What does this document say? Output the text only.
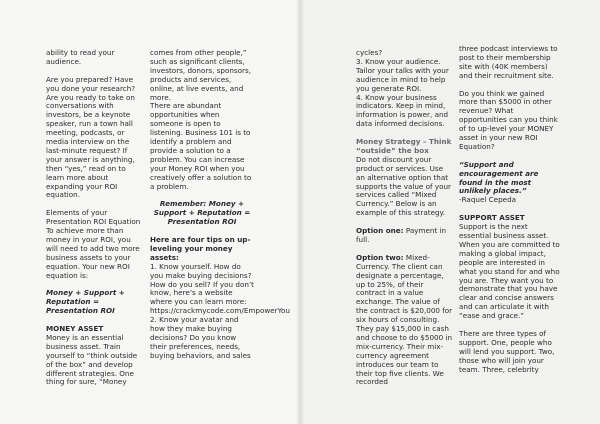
ability to read your audience.

Are you prepared? Have you done your research? Are you ready to take on conversations with investors, be a keynote speaker, run a town hall meeting, podcasts, or media interview on the last-minute request? If your answer is anything, then “yes,” read on to learn more about expanding your ROI equation.

Elements of your Presentation ROI Equation To achieve more than money in your ROI, you will need to add two more business assets to your equation. Your new ROI equation is:

Money + Support + Reputation = Presentation ROI

MONEY ASSET

Money is an essential business asset. Train yourself to “think outside of the box” and develop different strategies. One thing for sure, “Money

comes from other people,” such as significant clients, investors, donors, sponsors, products and services, online, at live events, and more.

There are abundant opportunities when someone is open to listening. Business 101 is to identify a problem and provide a solution to a problem. You can increase your Money ROI when you creatively offer a solution to a problem.

Remember: Money + Support + Reputation = Presentation ROI

Here are four tips on up-leveling your money assets:

1. Know yourself. How do you make buying decisions? How do you sell? If you don’t know, here’s a website where you can learn more: https://crackmycode.com/EmpowerYou

2. Know your avatar and how they make buying decisions? Do you know their preferences, needs, buying behaviors, and sales

cycles?

3. Know your audience. Tailor your talks with your audience in mind to help you generate ROI.

4. Know your business indicators. Keep in mind, information is power, and data informed decisions.

Money Strategy – Think “outside” the box

Do not discount your product or services. Use an alternative option that supports the value of your services called “Mixed Currency.” Below is an example of this strategy.

Option one: Payment in full.

Option two: Mixed-Currency. The client can designate a percentage, up to 25%, of their contract in a value exchange. The value of the contract is $20,000 for six hours of consulting. They pay $15,000 in cash and choose to do $5000 in mix-currency. Their mix-currency agreement introduces our team to their top five clients. We recorded

three podcast interviews to post to their membership site with (40K members) and their recruitment site.

Do you think we gained more than $5000 in other revenue? What opportunities can you think of to up-level your MONEY asset in your new ROI Equation?

“Support and encouragement are found in the most unlikely places.”

-Raquel Cepeda

SUPPORT ASSET

Support is the next essential business asset. When you are committed to making a global impact, people are interested in what you stand for and who you are. They want you to demonstrate that you have clear and concise answers and can articulate it with “ease and grace.”

There are three types of support. One, people who will lend you support. Two, those who will join your team. Three, celebrity
